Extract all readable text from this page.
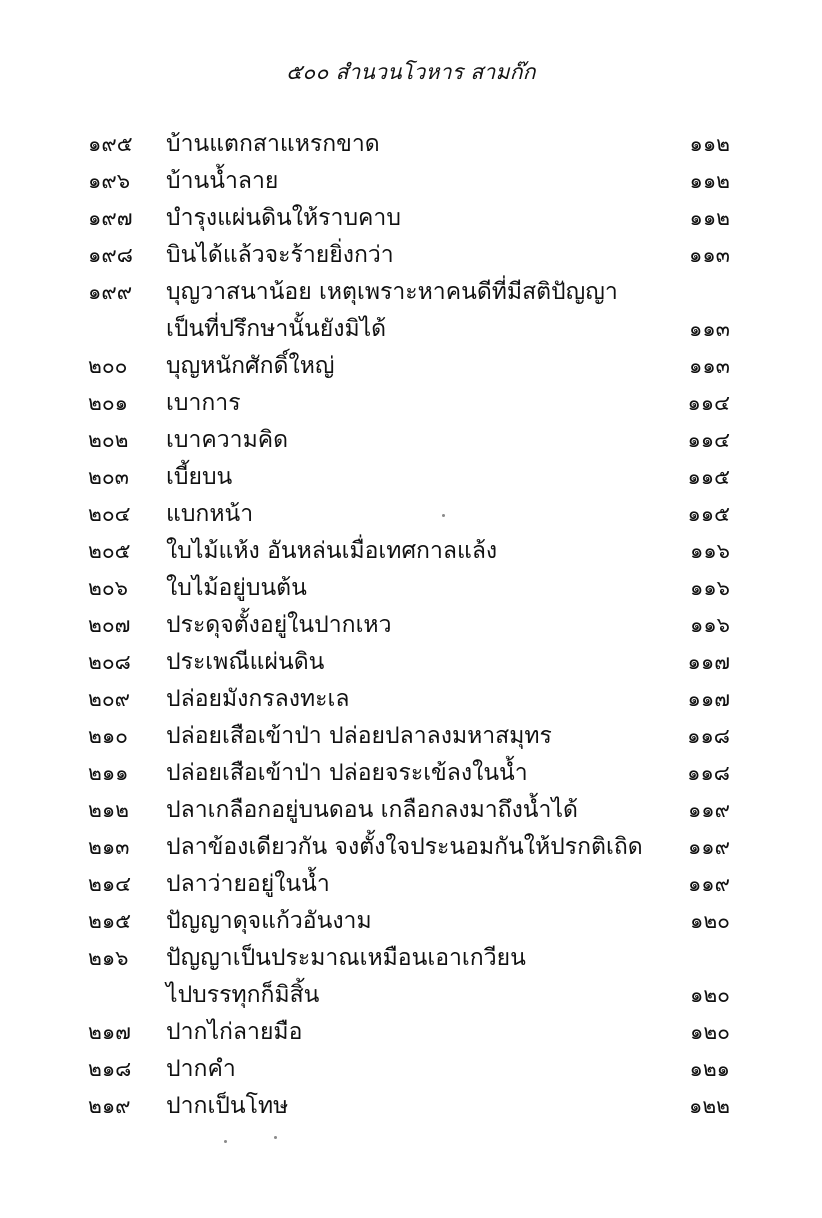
๕๐๐ สำนวนโวหาร สามก๊ก
๑๙๕	บ้านแตกสาแหรกขาด	๑๑๒
๑๙๖	บ้านน้ำลาย	๑๑๒
๑๙๗	บำรุงแผ่นดินให้ราบคาบ	๑๑๒
๑๙๘	บินได้แล้วจะร้ายยิ่งกว่า	๑๑๓
๑๙๙	บุญวาสนาน้อย เหตุเพราะหาคนดีที่มีสติปัญญา
เป็นที่ปรึกษานั้นยังมิได้	๑๑๓
๒๐๐	บุญหนักศักดิ์ใหญ่	๑๑๓
๒๐๑	เบาการ	๑๑๔
๒๐๒	เบาความคิด	๑๑๔
๒๐๓	เบี้ยบน	๑๑๕
๒๐๔	แบกหน้า	๑๑๕
๒๐๕	ใบไม้แห้ง อันหล่นเมื่อเทศกาลแล้ง	๑๑๖
๒๐๖	ใบไม้อยู่บนต้น	๑๑๖
๒๐๗	ประดุจตั้งอยู่ในปากเหว	๑๑๖
๒๐๘	ประเพณีแผ่นดิน	๑๑๗
๒๐๙	ปล่อยมังกรลงทะเล	๑๑๗
๒๑๐	ปล่อยเสือเข้าป่า ปล่อยปลาลงมหาสมุทร	๑๑๘
๒๑๑	ปล่อยเสือเข้าป่า ปล่อยจระเข้ลงในน้ำ	๑๑๘
๒๑๒	ปลาเกลือกอยู่บนดอน เกลือกลงมาถึงน้ำได้	๑๑๙
๒๑๓	ปลาข้องเดียวกัน จงตั้งใจประนอมกันให้ปรกติเถิด	๑๑๙
๒๑๔	ปลาว่ายอยู่ในน้ำ	๑๑๙
๒๑๕	ปัญญาดุจแก้วอันงาม	๑๒๐
๒๑๖	ปัญญาเป็นประมาณเหมือนเอาเกวียน
ไปบรรทุกก็มิสิ้น	๑๒๐
๒๑๗	ปากไก่ลายมือ	๑๒๐
๒๑๘	ปากคำ	๑๒๑
๒๑๙	ปากเป็นโทษ	๑๒๒
